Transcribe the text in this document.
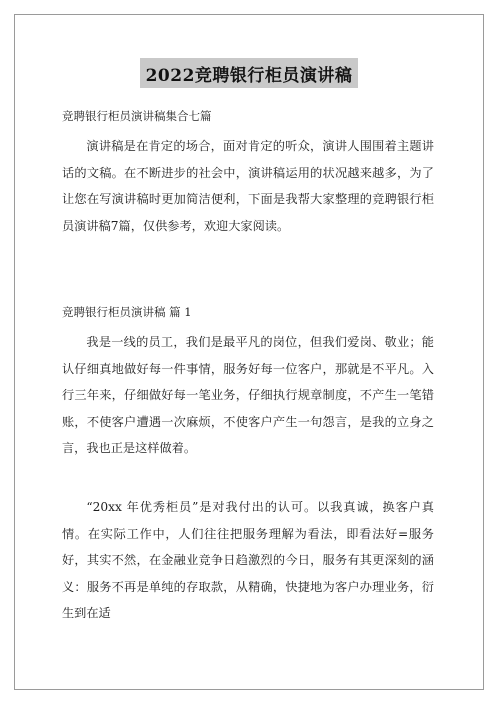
2022竞聘银行柜员演讲稿
竞聘银行柜员演讲稿集合七篇

演讲稿是在肯定的场合，面对肯定的听众，演讲人围围着主题讲话的文稿。在不断进步的社会中，演讲稿运用的状况越来越多，为了让您在写演讲稿时更加简洁便利，下面是我帮大家整理的竞聘银行柜员演讲稿7篇，仅供参考，欢迎大家阅读。

竞聘银行柜员演讲稿 篇 1

我是一线的员工，我们是最平凡的岗位，但我们爱岗、敬业；能认仔细真地做好每一件事情，服务好每一位客户，那就是不平凡。入行三年来，仔细做好每一笔业务，仔细执行规章制度，不产生一笔错账，不使客户遭遇一次麻烦，不使客户产生一句怨言，是我的立身之言，我也正是这样做着。

“20xx 年优秀柜员”是对我付出的认可。以我真诚，换客户真情。在实际工作中，人们往往把服务理解为看法，即看法好=服务好，其实不然，在金融业竞争日趋激烈的今日，服务有其更深刻的涵义：服务不再是单纯的存取款，从精确，快捷地为客户办理业务，衍生到在适
